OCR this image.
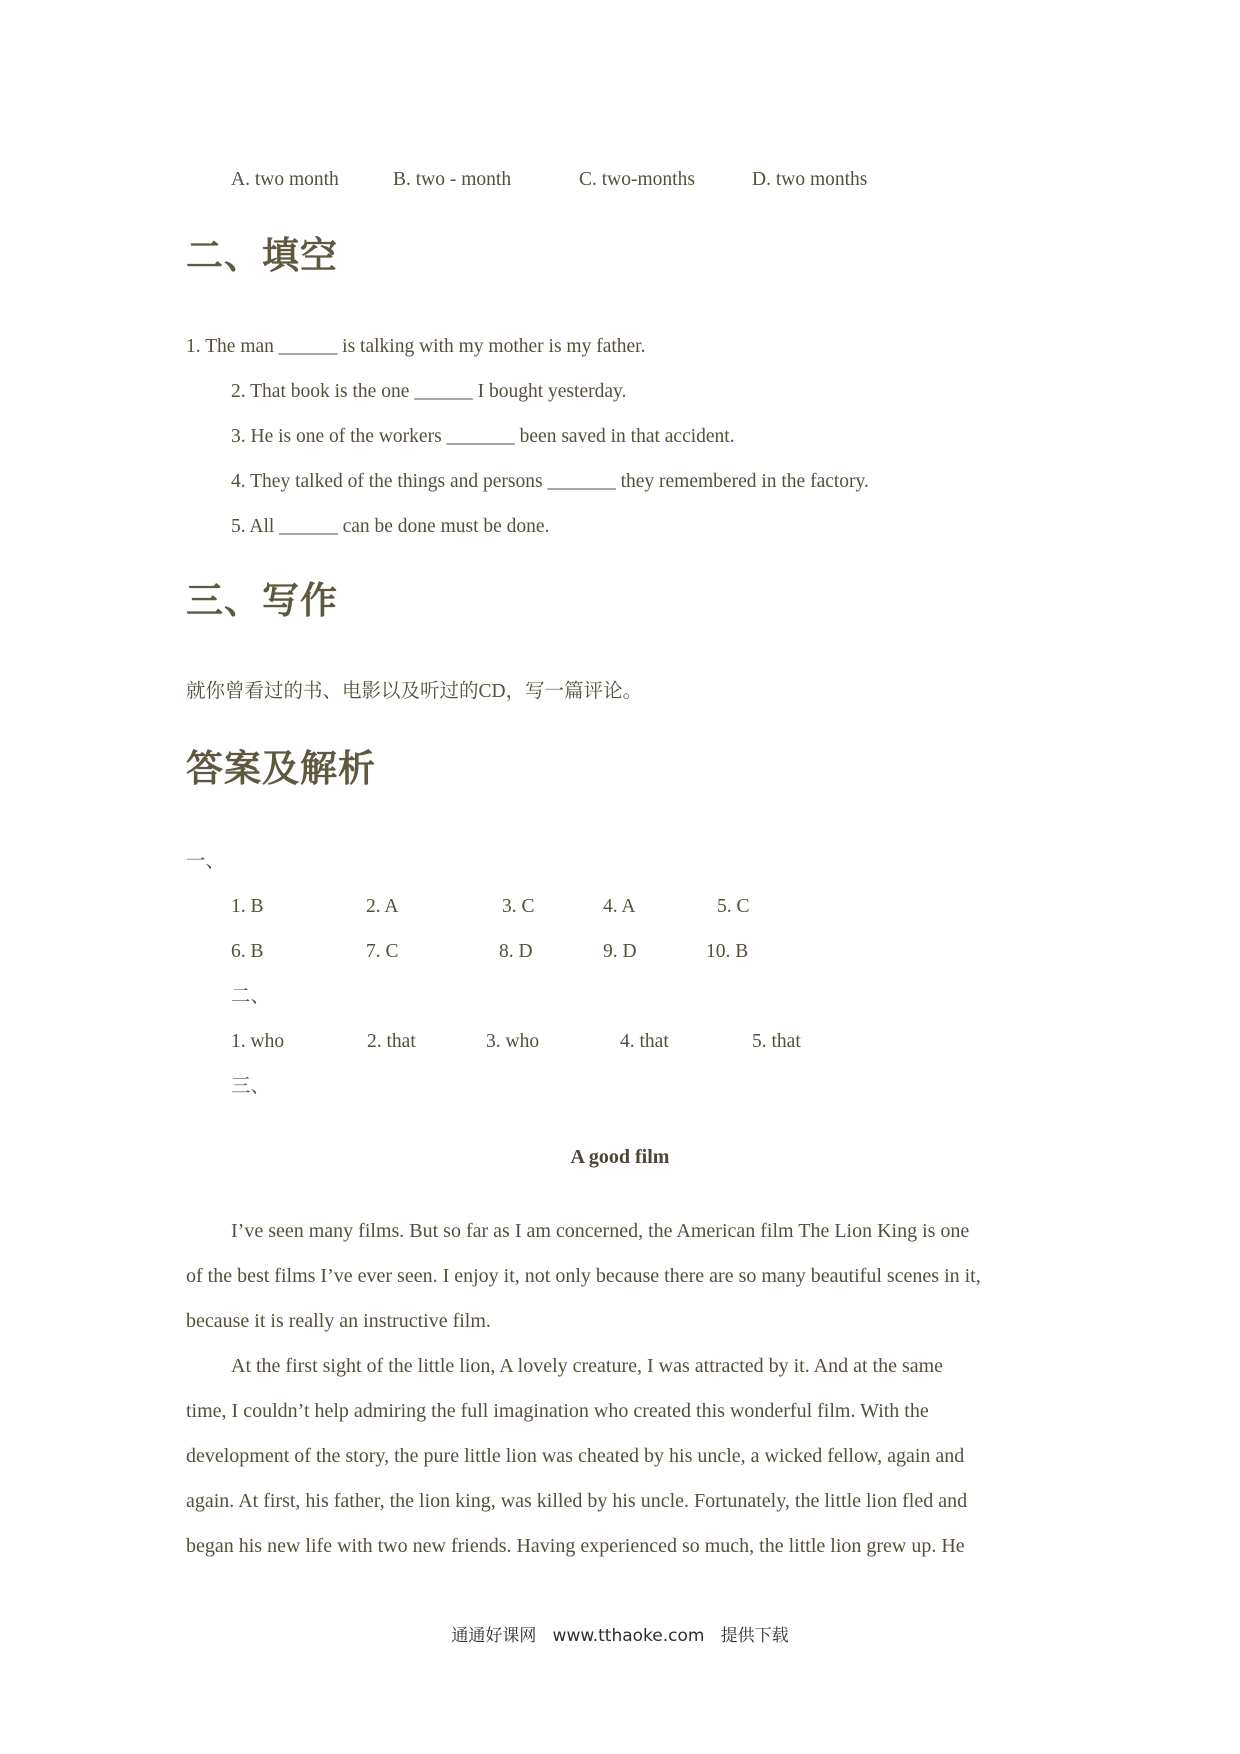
A. two month	B. two - month	C. two-months	D. two months
二、填空
1. The man ______ is talking with my mother is my father.
2. That book is the one ______ I bought yesterday.
3. He is one of the workers _______ been saved in that accident.
4. They talked of the things and persons _______ they remembered in the factory.
5. All ______ can be done must be done.
三、写作
就你曾看过的书、电影以及听过的CD，写一篇评论。
答案及解析
一、
1. B	2. A	3. C	4. A	5. C
6. B	7. C	8. D	9. D	10. B
二、
1. who	2. that	3. who	4. that	5. that
三、
A good film
I’ve seen many films. But so far as I am concerned, the American film The Lion King is one
of the best films I’ve ever seen. I enjoy it, not only because there are so many beautiful scenes in it,
because it is really an instructive film.
At the first sight of the little lion, A lovely creature, I was attracted by it. And at the same
time, I couldn’t help admiring the full imagination who created this wonderful film. With the
development of the story, the pure little lion was cheated by his uncle, a wicked fellow, again and
again. At first, his father, the lion king, was killed by his uncle. Fortunately, the little lion fled and
began his new life with two new friends. Having experienced so much, the little lion grew up. He
通通好课网   www.tthaoke.com   提供下载
